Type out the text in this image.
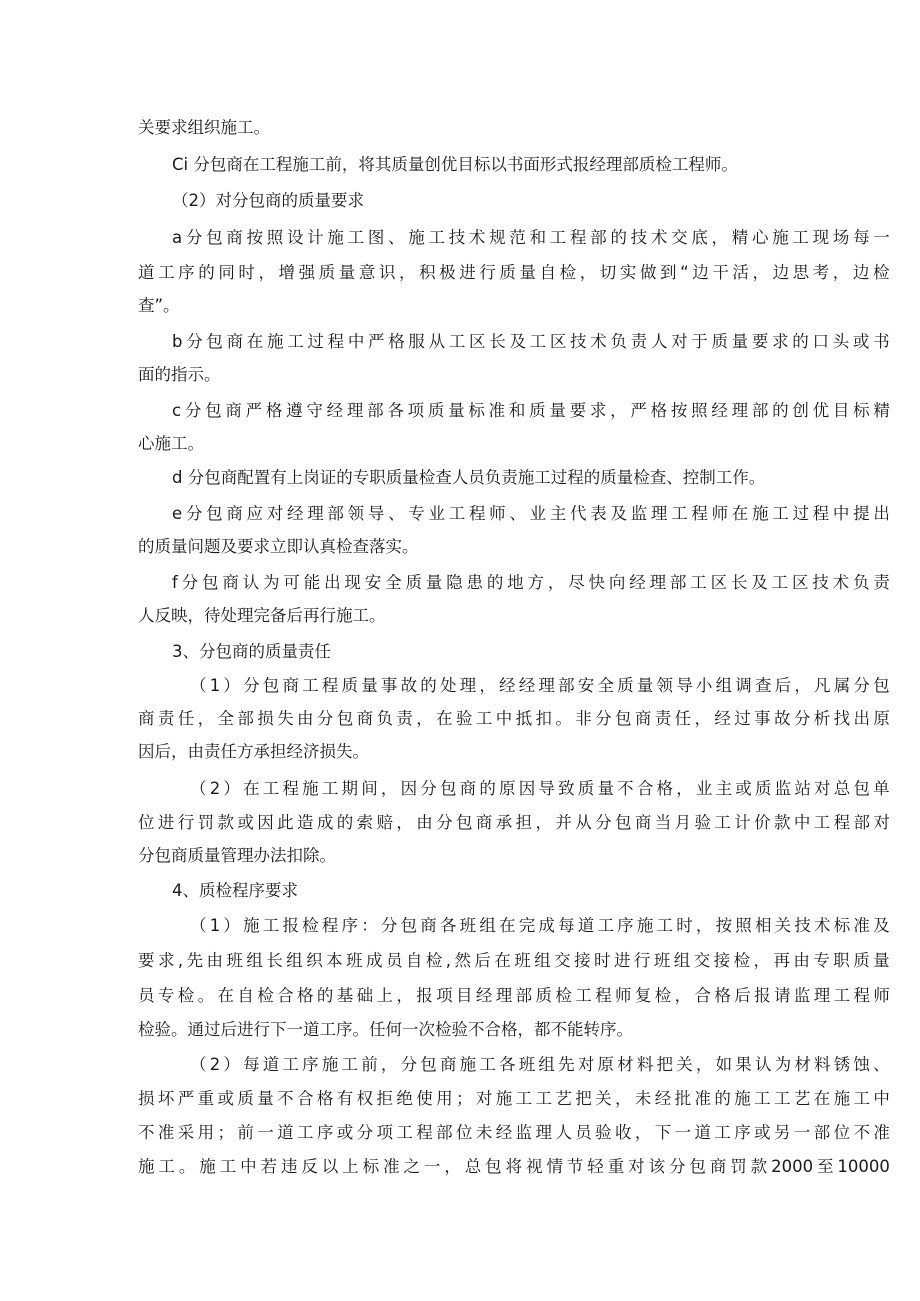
关要求组织施工。
Ci 分包商在工程施工前，将其质量创优目标以书面形式报经理部质检工程师。
（2）对分包商的质量要求
a 分 包 商 按 照 设 计 施 工 图 、 施 工 技 术 规 范 和 工 程 部 的 技 术 交 底 ， 精 心 施 工 现 场 每 一
道 工 序 的 同 时 ， 增 强 质 量 意 识 ， 积 极 进 行 质 量 自 检 ， 切 实 做 到 “ 边 干 活 ， 边 思 考 ， 边 检
查”。
b 分 包 商 在 施 工 过 程 中 严 格 服 从 工 区 长 及 工 区 技 术 负 责 人 对 于 质 量 要 求 的 口 头 或 书
面的指示。
c 分 包 商 严 格 遵 守 经 理 部 各 项 质 量 标 准 和 质 量 要 求 ， 严 格 按 照 经 理 部 的 创 优 目 标 精
心施工。
d 分包商配置有上岗证的专职质量检查人员负责施工过程的质量检查、控制工作。
e 分 包 商 应 对 经 理 部 领 导 、 专 业 工 程 师 、 业 主 代 表 及 监 理 工 程 师 在 施 工 过 程 中 提 出
的质量问题及要求立即认真检查落实。
f 分 包 商 认 为 可 能 出 现 安 全 质 量 隐 患 的 地 方 ， 尽 快 向 经 理 部 工 区 长 及 工 区 技 术 负 责
人反映，待处理完备后再行施工。
3、分包商的质量责任
（ 1 ） 分 包 商 工 程 质 量 事 故 的 处 理 ， 经 经 理 部 安 全 质 量 领 导 小 组 调 查 后 ， 凡 属 分 包
商 责 任 ， 全 部 损 失 由 分 包 商 负 责 ， 在 验 工 中 抵 扣 。 非 分 包 商 责 任 ， 经 过 事 故 分 析 找 出 原
因后，由责任方承担经济损失。
（ 2 ） 在 工 程 施 工 期 间 ， 因 分 包 商 的 原 因 导 致 质 量 不 合 格 ， 业 主 或 质 监 站 对 总 包 单
位 进 行 罚 款 或 因 此 造 成 的 索 赔 ， 由 分 包 商 承 担 ， 并 从 分 包 商 当 月 验 工 计 价 款 中 工 程 部 对
分包商质量管理办法扣除。
4、质检程序要求
（ 1 ） 施 工 报 检 程 序 ： 分 包 商 各 班 组 在 完 成 每 道 工 序 施 工 时 ， 按 照 相 关 技 术 标 准 及
要 求 , 先 由 班 组 长 组 织 本 班 成 员 自 检 , 然 后 在 班 组 交 接 时 进 行 班 组 交 接 检 ， 再 由 专 职 质 量
员 专 检 。 在 自 检 合 格 的 基 础 上 ， 报 项 目 经 理 部 质 检 工 程 师 复 检 ， 合 格 后 报 请 监 理 工 程 师
检验。通过后进行下一道工序。任何一次检验不合格，都不能转序。
（ 2 ） 每 道 工 序 施 工 前 ， 分 包 商 施 工 各 班 组 先 对 原 材 料 把 关 ， 如 果 认 为 材 料 锈 蚀 、
损 坏 严 重 或 质 量 不 合 格 有 权 拒 绝 使 用 ； 对 施 工 工 艺 把 关 ， 未 经 批 准 的 施 工 工 艺 在 施 工 中
不 准 采 用 ； 前 一 道 工 序 或 分 项 工 程 部 位 未 经 监 理 人 员 验 收 ， 下 一 道 工 序 或 另 一 部 位 不 准
施 工 。 施 工 中 若 违 反 以 上 标 准 之 一 ， 总 包 将 视 情 节 轻 重 对 该 分 包 商 罚 款 2000 至 10000
